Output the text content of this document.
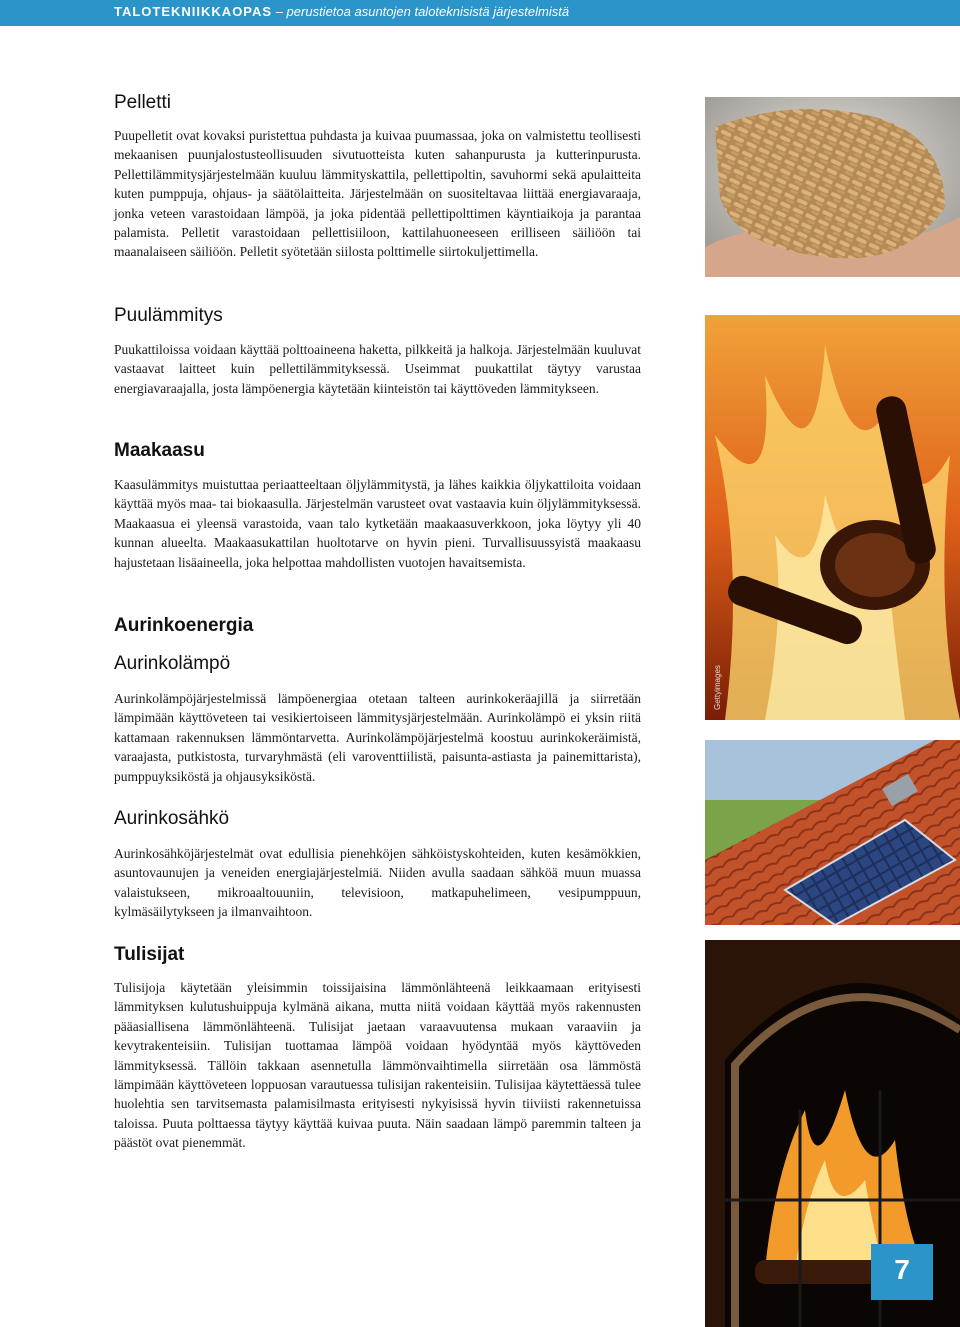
TALOTEKNIIKKAOPAS – perustietoa asuntojen taloteknisistä järjestelmistä
Pelletti

Puupelletit ovat kovaksi puristettua puhdasta ja kuivaa puumassaa, joka on valmistettu teollisesti mekaanisen puunjalostusteollisuuden sivutuotteista kuten sahanpurusta ja kutterinpurusta. Pellettilämmitysjärjestelmään kuuluu lämmityskattila, pellettipoltin, savuhormi sekä apulaitteita kuten pumppuja, ohjaus- ja säätölaitteita. Järjestelmään on suositeltavaa liittää energiavaraaja, jonka veteen varastoidaan lämpöä, ja joka pidentää pellettipolttimen käyntiaikoja ja parantaa palamista. Pelletit varastoidaan pellettisiiloon, kattilahuoneeseen erilliseen säiliöön tai maanalaiseen säiliöön. Pelletit syötetään siilosta polttimelle siirtokuljettimella.

Puulämmitys

Puukattiloissa voidaan käyttää polttoaineena haketta, pilkkeitä ja halkoja. Järjestelmään kuuluvat vastaavat laitteet kuin pellettilämmityksessä. Useimmat puukattilat täytyy varustaa energiavaraajalla, josta lämpöenergia käytetään kiinteistön tai käyttöveden lämmitykseen.

Maakaasu

Kaasulämmitys muistuttaa periaatteeltaan öljylämmitystä, ja lähes kaikkia öljykattiloita voidaan käyttää myös maa- tai biokaasulla. Järjestelmän varusteet ovat vastaavia kuin öljylämmityksessä. Maakaasua ei yleensä varastoida, vaan talo kytketään maakaasuverkkoon, joka löytyy yli 40 kunnan alueelta. Maakaasukattilan huoltotarve on hyvin pieni. Turvallisuussyistä maakaasu hajustetaan lisäaineella, joka helpottaa mahdollisten vuotojen havaitsemista.

Aurinkoenergia
Aurinkolämpö

Aurinkolämpöjärjestelmissä lämpöenergiaa otetaan talteen aurinkokeräajillä ja siirretään lämpimään käyttöveteen tai vesikiertoiseen lämmitysjärjestelmään. Aurinkolämpö ei yksin riitä kattamaan rakennuksen lämmöntarvetta. Aurinkolämpöjärjestelmä koostuu aurinkokeräimistä, varaajasta, putkistosta, turvaryhmästä (eli varoventtiilistä, paisunta-astiasta ja painemittarista), pumppuyksiköstä ja ohjausyksiköstä.

Aurinkosähkö

Aurinkosähköjärjestelmät ovat edullisia pienehköjen sähköistyskohteiden, kuten kesämökkien, asuntovaunujen ja veneiden energiajärjestelmiä. Niiden avulla saadaan sähköä muun muassa valaistukseen, mikroaaltouuniin, televisioon, matkapuhelimeen, vesipumppuun, kylmäsäilytykseen ja ilmanvaihtoon.

Tulisijat

Tulisijoja käytetään yleisimmin toissijaisina lämmönlähteenä leikkaamaan erityisesti lämmityksen kulutushuippuja kylmänä aikana, mutta niitä voidaan käyttää myös rakennusten pääasiallisena lämmönlähteenä. Tulisijat jaetaan varaavuutensa mukaan varaaviin ja kevytrakenteisiin. Tulisijan tuottamaa lämpöä voidaan hyödyntää myös käyttöveden lämmityksessä. Tällöin takkaan asennetulla lämmönvaihtimella siirretään osa lämmöstä lämpimään käyttöveteen loppuosan varautuessa tulisijan rakenteisiin. Tulisijaa käytettäessä tulee huolehtia sen tarvitsemasta palamisilmasta erityisesti nykyisissä hyvin tiiviisti rakennetuissa taloissa. Puuta polttaessa täytyy käyttää kuivaa puuta. Näin saadaan lämpö paremmin talteen ja päästöt ovat pienemmät.

Gettyimages
7
